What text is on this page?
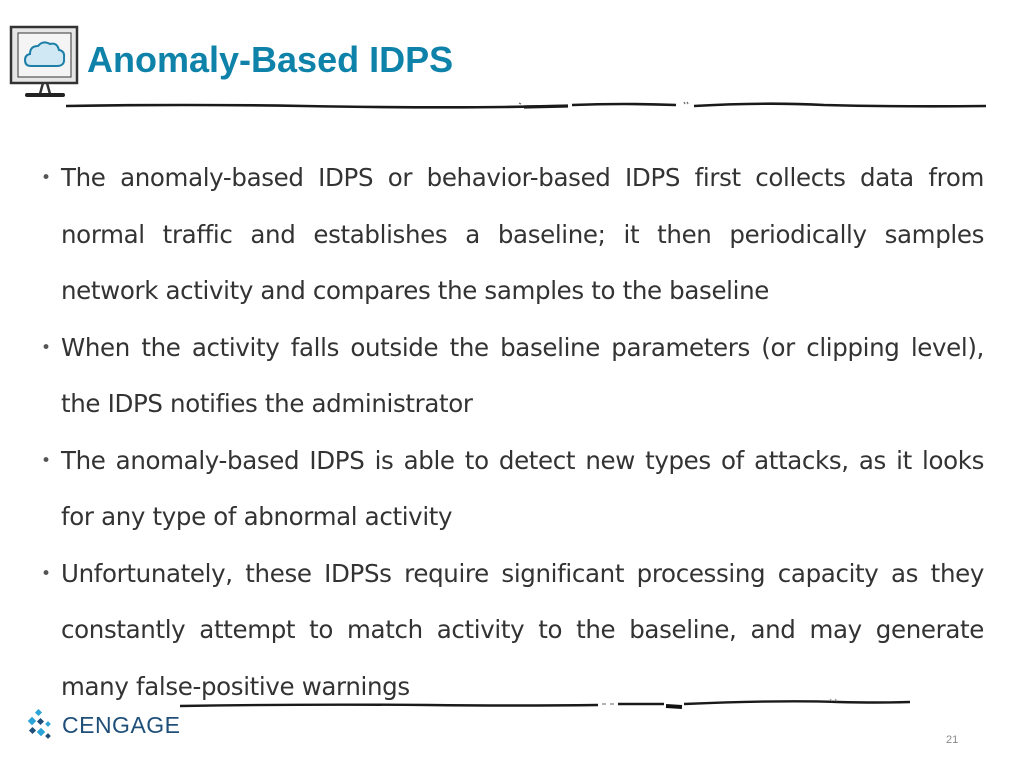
Anomaly-Based IDPS
• The anomaly-based IDPS or behavior-based IDPS first collects data from normal traffic and establishes a baseline; it then periodically samples network activity and compares the samples to the baseline
• When the activity falls outside the baseline parameters (or clipping level), the IDPS notifies the administrator
• The anomaly-based IDPS is able to detect new types of attacks, as it looks for any type of abnormal activity
• Unfortunately, these IDPSs require significant processing capacity as they constantly attempt to match activity to the baseline, and may generate many false-positive warnings
CENGAGE
21
